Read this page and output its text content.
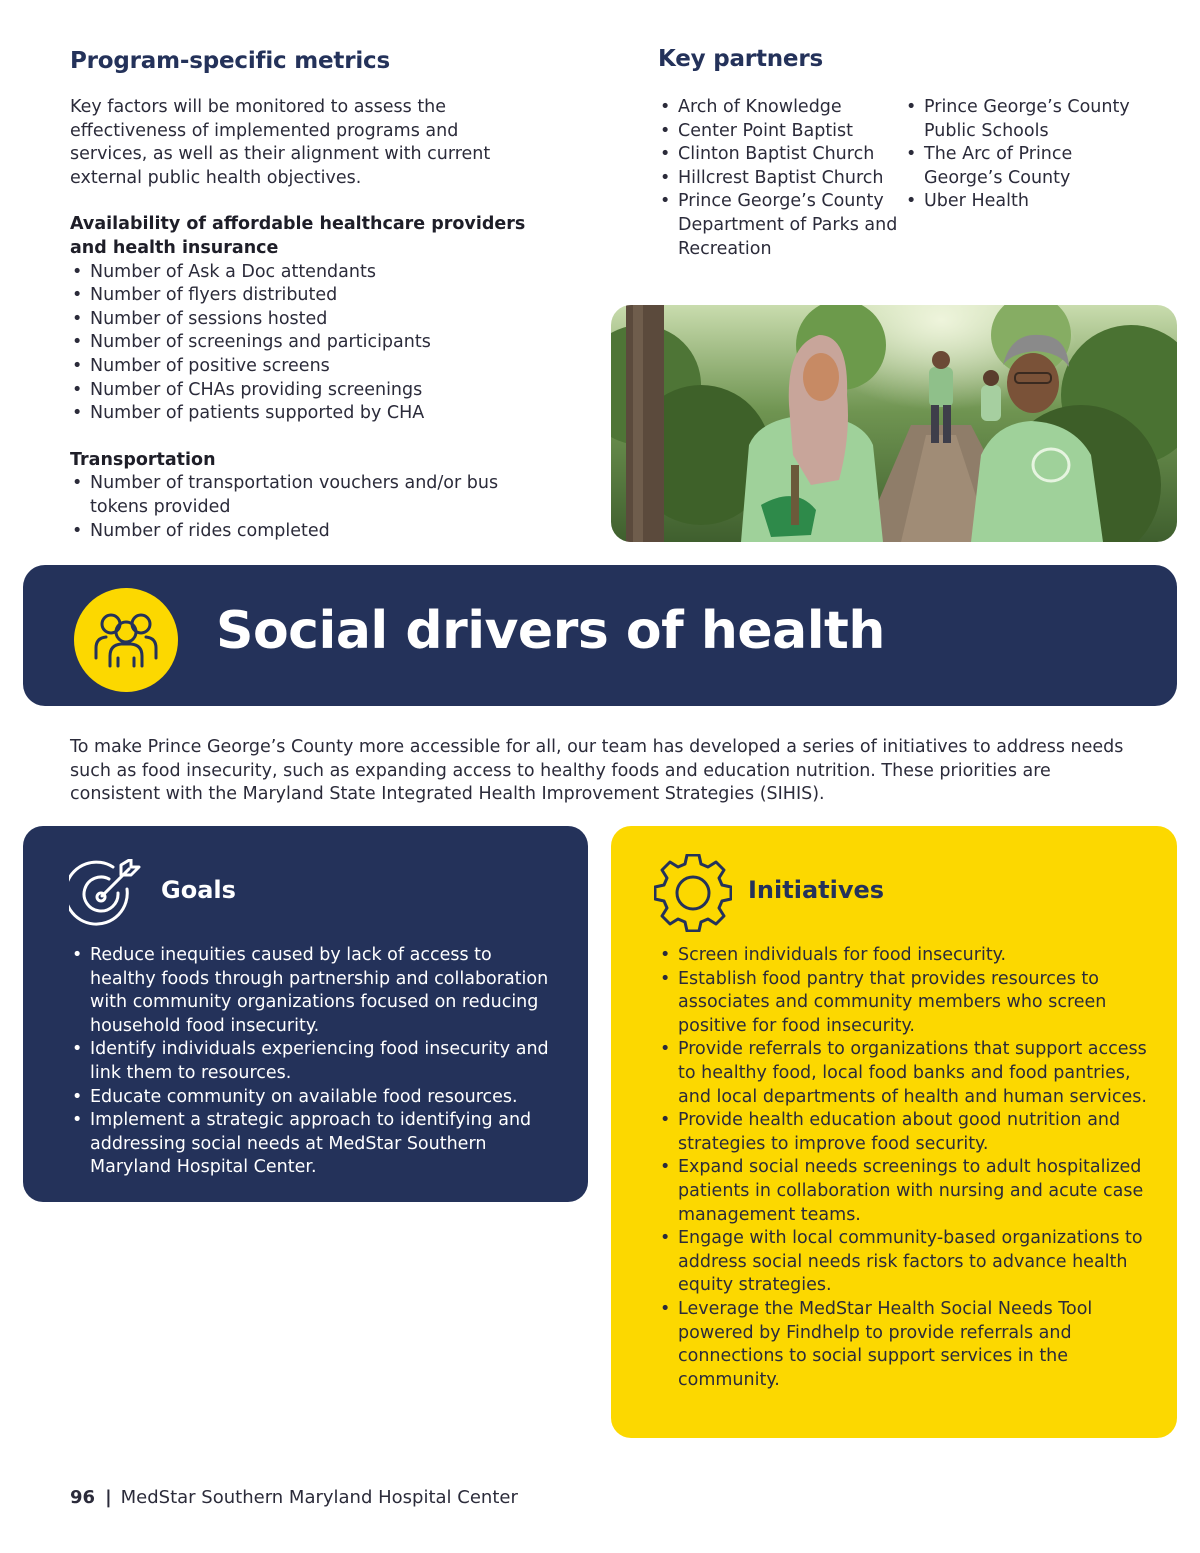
Program-specific metrics

Key factors will be monitored to assess the effectiveness of implemented programs and services, as well as their alignment with current external public health objectives.

Availability of affordable healthcare providers and health insurance

• Number of Ask a Doc attendants
• Number of flyers distributed
• Number of sessions hosted
• Number of screenings and participants
• Number of positive screens
• Number of CHAs providing screenings
• Number of patients supported by CHA

Transportation

• Number of transportation vouchers and/or bus tokens provided
• Number of rides completed
Key partners
• Arch of Knowledge
• Center Point Baptist
• Clinton Baptist Church
• Hillcrest Baptist Church
• Prince George’s County Department of Parks and Recreation
• Prince George’s County Public Schools
• The Arc of Prince George’s County
• Uber Health
Social drivers of health

To make Prince George’s County more accessible for all, our team has developed a series of initiatives to address needs such as food insecurity, such as expanding access to healthy foods and education nutrition. These priorities are consistent with the Maryland State Integrated Health Improvement Strategies (SIHIS).

Goals
• Reduce inequities caused by lack of access to healthy foods through partnership and collaboration with community organizations focused on reducing household food insecurity.
• Identify individuals experiencing food insecurity and link them to resources.
• Educate community on available food resources.
• Implement a strategic approach to identifying and addressing social needs at MedStar Southern Maryland Hospital Center.
Initiatives
• Screen individuals for food insecurity.
• Establish food pantry that provides resources to associates and community members who screen positive for food insecurity.
• Provide referrals to organizations that support access to healthy food, local food banks and food pantries, and local departments of health and human services.
• Provide health education about good nutrition and strategies to improve food security.
• Expand social needs screenings to adult hospitalized patients in collaboration with nursing and acute case management teams.
• Engage with local community-based organizations to address social needs risk factors to advance health equity strategies.
• Leverage the MedStar Health Social Needs Tool powered by Findhelp to provide referrals and connections to social support services in the community.
96 | MedStar Southern Maryland Hospital Center
